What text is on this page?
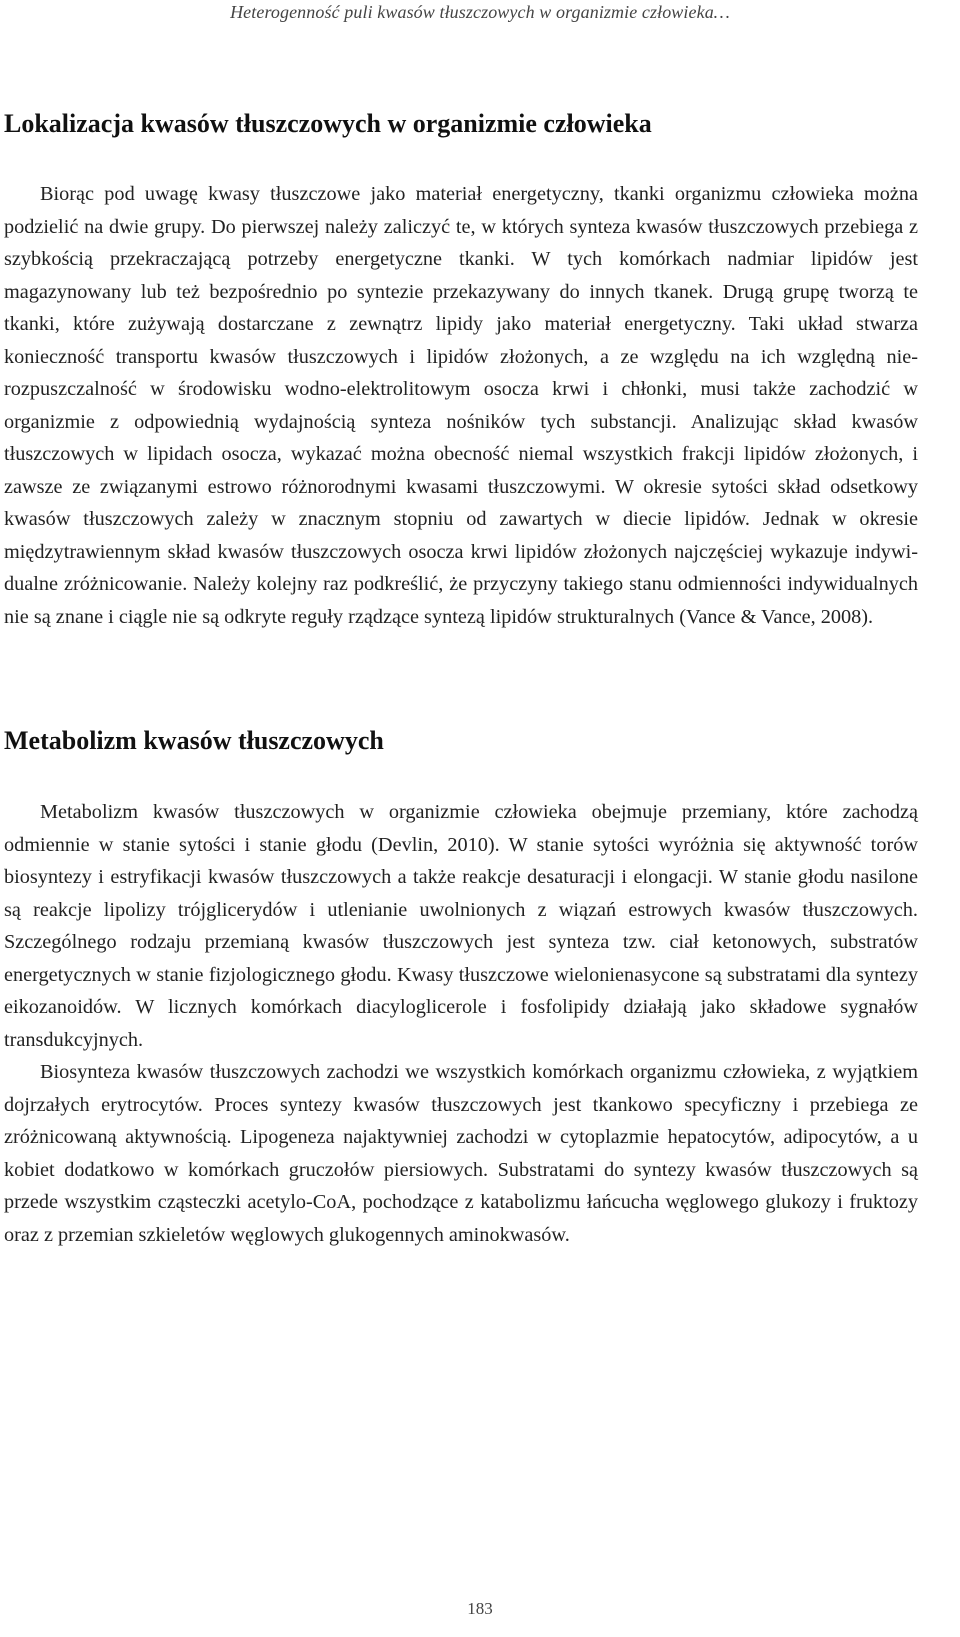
Heterogenność puli kwasów tłuszczowych w organizmie człowieka…
Lokalizacja kwasów tłuszczowych w organizmie człowieka

Biorąc pod uwagę kwasy tłuszczowe jako materiał energetyczny, tkanki organizmu człowieka można podzielić na dwie grupy. Do pierwszej należy zaliczyć te, w których synteza kwasów tłuszczowych przebiega z szybkością przekraczającą potrzeby energetyczne tkanki. W tych komórkach nadmiar lipidów jest magazynowany lub też bezpośrednio po syntezie przekazywany do innych tkanek. Drugą grupę tworzą te tkanki, które zużywają dostarczane z zewnątrz lipidy jako materiał energetyczny. Taki układ stwarza konieczność transportu kwasów tłuszczowych i lipidów złożonych, a ze względu na ich względną nierozpuszczalność w środowisku wodno-elektrolitowym osocza krwi i chłonki, musi także zachodzić w organizmie z odpowiednią wydajnością synteza nośników tych substancji. Analizując skład kwasów tłuszczowych w lipidach osocza, wykazać można obecność niemal wszystkich frakcji lipidów złożonych, i zawsze ze związanymi estrowo różnorodnymi kwasami tłuszczowymi. W okresie sytości skład odsetkowy kwasów tłuszczowych zależy w znacznym stopniu od zawartych w diecie lipidów. Jednak w okresie międzytrawiennym skład kwasów tłuszczowych osocza krwi lipidów złożonych najczęściej wykazuje indywidualne zróżnicowanie. Należy kolejny raz podkreślić, że przyczyny takiego stanu odmienności indywidualnych nie są znane i ciągle nie są odkryte reguły rządzące syntezą lipidów strukturalnych (Vance & Vance, 2008).

Metabolizm kwasów tłuszczowych

Metabolizm kwasów tłuszczowych w organizmie człowieka obejmuje przemiany, które zachodzą odmiennie w stanie sytości i stanie głodu (Devlin, 2010). W stanie sytości wyróżnia się aktywność torów biosyntezy i estryfikacji kwasów tłuszczowych a także reakcje desaturacji i elongacji. W stanie głodu nasilone są reakcje lipolizy trójglicerydów i utlenianie uwolnionych z wiązań estrowych kwasów tłuszczowych. Szczególnego rodzaju przemianą kwasów tłuszczowych jest synteza tzw. ciał ketonowych, substratów energetycznych w stanie fizjologicznego głodu. Kwasy tłuszczowe wielonienasycone są substratami dla syntezy eikozanoidów. W licznych komórkach diacyloglicerole i fosfolipidy działają jako składowe sygnałów transdukcyjnych.

Biosynteza kwasów tłuszczowych zachodzi we wszystkich komórkach organizmu człowieka, z wyjątkiem dojrzałych erytrocytów. Proces syntezy kwasów tłuszczowych jest tkankowo specyficzny i przebiega ze zróżnicowaną aktywnością. Lipogeneza najaktywniej zachodzi w cytoplazmie hepatocytów, adipocytów, a u kobiet dodatkowo w komórkach gruczołów piersiowych. Substratami do syntezy kwasów tłuszczowych są przede wszystkim cząsteczki acetylo-CoA, pochodzące z katabolizmu łańcucha węglowego glukozy i fruktozy oraz z przemian szkieletów węglowych glukogennych aminokwasów.

183
